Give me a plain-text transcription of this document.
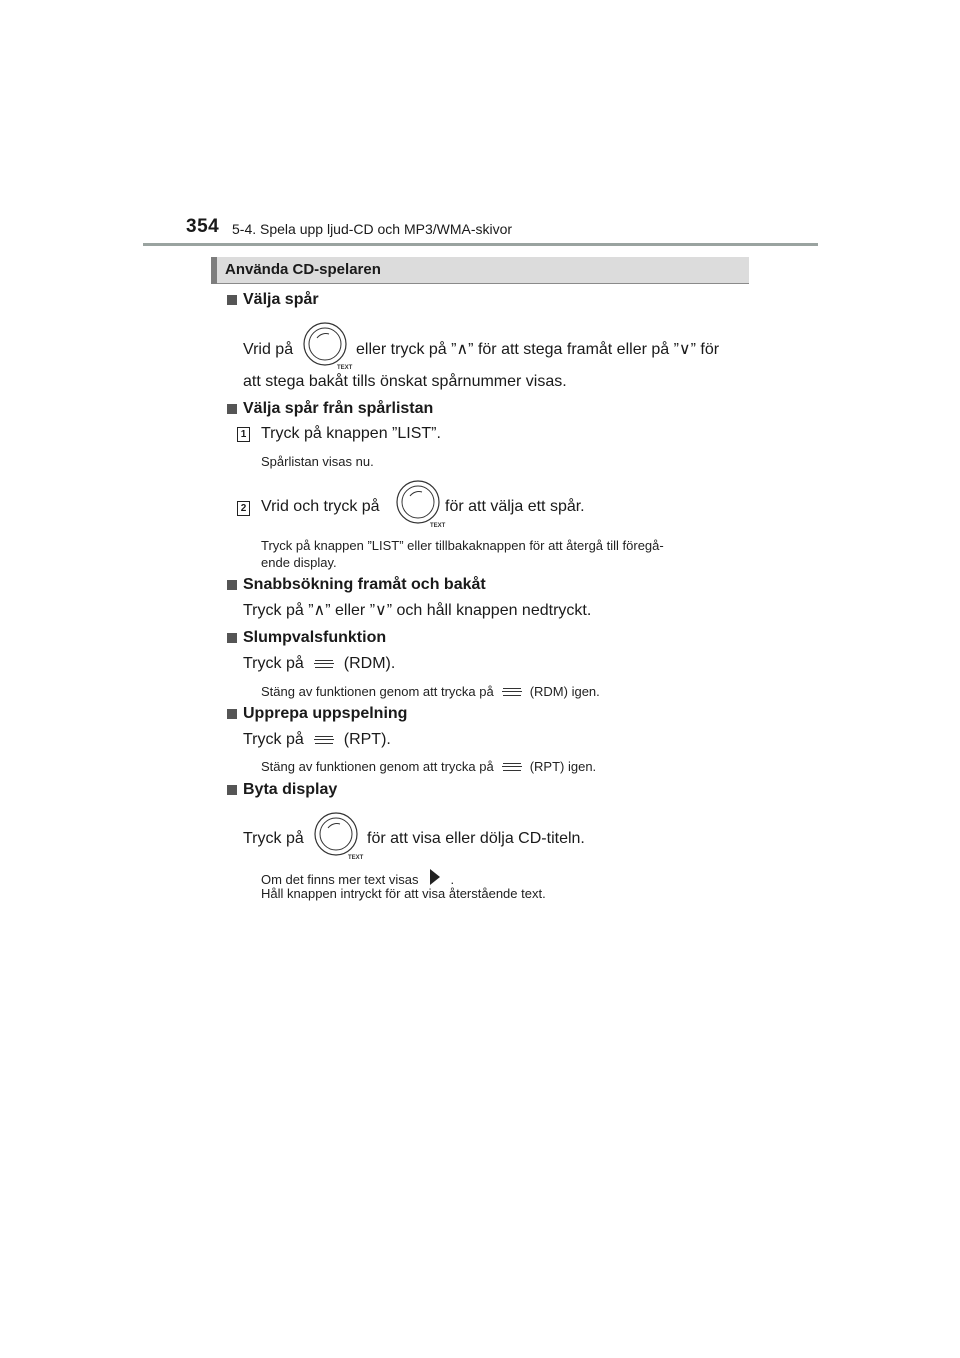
354 5-4. Spela upp ljud-CD och MP3/WMA-skivor
Använda CD-spelaren
Välja spår
Vrid på
TEXT
eller tryck på ”∧” för att stega framåt eller på ”∨” för
att stega bakåt tills önskat spårnummer visas.
Välja spår från spårlistan
1 Tryck på knappen ”LIST”.
Spårlistan visas nu.
2 Vrid och tryck på
TEXT
för att välja ett spår.
Tryck på knappen ”LIST” eller tillbakaknappen för att återgå till föregå-
ende display.
Snabbsökning framåt och bakåt
Tryck på ”∧” eller ”∨” och håll knappen nedtryckt.
Slumpvalsfunktion
Tryck på	(RDM).
Stäng av funktionen genom att trycka på	(RDM) igen.
Upprepa uppspelning
Tryck på	(RPT).
Stäng av funktionen genom att trycka på	(RPT) igen.
Byta display
Tryck på
TEXT
för att visa eller dölja CD-titeln.
Om det finns mer text visas .
Håll knappen intryckt för att visa återstående text.
